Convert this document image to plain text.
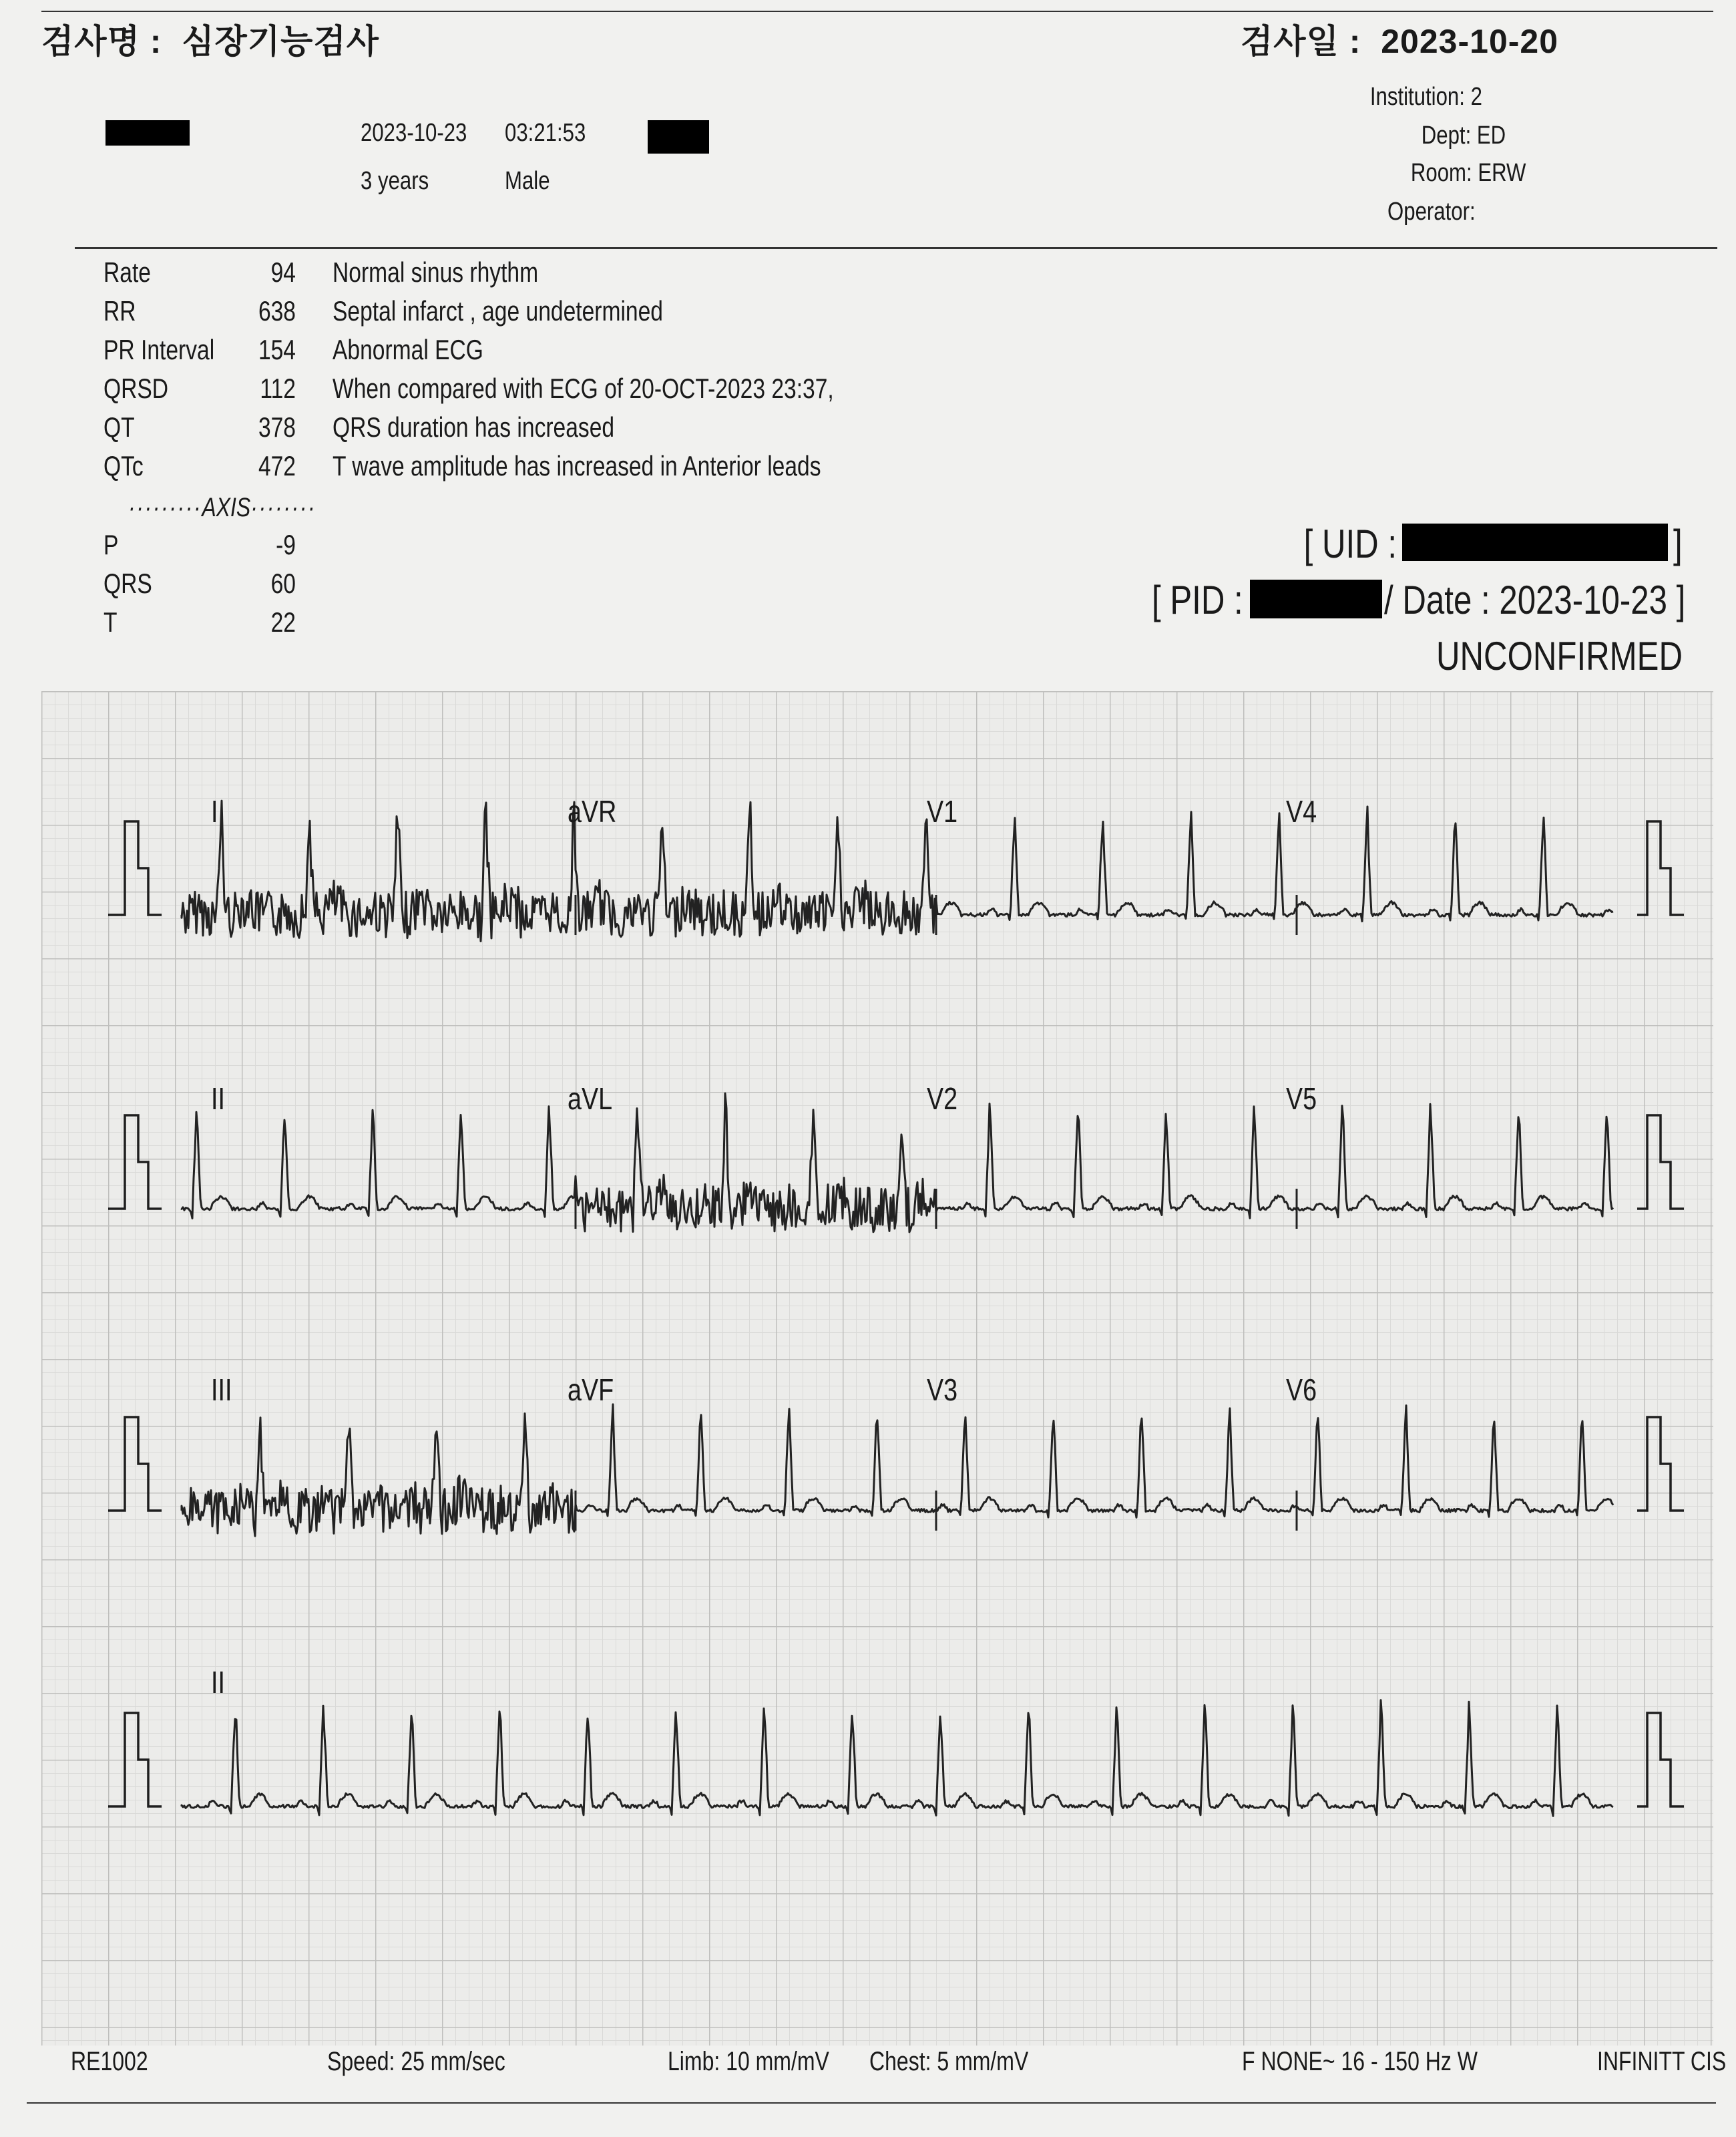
검사명 : 심장기능검사	검사일 : 2023-10-20
2023-10-23 03:21:53
3 years	Male
Institution: 2
Dept: ED
Room: ERW
Operator:
Rate	94
RR	638
PR Interval	154
QRSD	112
QT	378
QTc	472
·········AXIS········
P	-9
QRS	60
T	22
Normal sinus rhythm
Septal infarct , age undetermined
Abnormal ECG
When compared with ECG of 20-OCT-2023 23:37,
QRS duration has increased
T wave amplitude has increased in Anterior leads
[ UID :	]
[ PID :	/ Date : 2023-10-23 ]
UNCONFIRMED
I	aVR	V1	V4
II	aVL	V2	V5
III	aVF	V3	V6
II
RE1002	Speed: 25 mm/sec	Limb: 10 mm/mV Chest: 5 mm/mV	F NONE~ 16 - 150 Hz W	INFINITT CIS
